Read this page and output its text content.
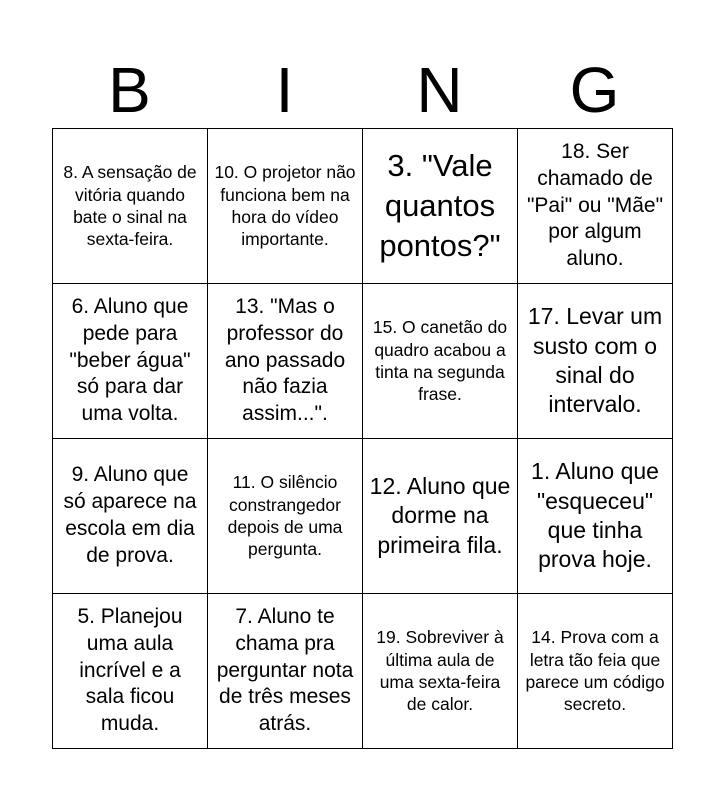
B	I	N	G
8. A sensação de vitória quando bate o sinal na sexta-feira.	10. O projetor não funciona bem na hora do vídeo importante.	3. "Vale quantos pontos?"	18. Ser chamado de "Pai" ou "Mãe" por algum aluno.
6. Aluno que pede para "beber água" só para dar uma volta.	13. "Mas o professor do ano passado não fazia assim...".	15. O canetão do quadro acabou a tinta na segunda frase.	17. Levar um susto com o sinal do intervalo.
9. Aluno que só aparece na escola em dia de prova.	11. O silêncio constrangedor depois de uma pergunta.	12. Aluno que dorme na primeira fila.	1. Aluno que "esqueceu" que tinha prova hoje.
5. Planejou uma aula incrível e a sala ficou muda.	7. Aluno te chama pra perguntar nota de três meses atrás.	19. Sobreviver à última aula de uma sexta-feira de calor.	14. Prova com a letra tão feia que parece um código secreto.
